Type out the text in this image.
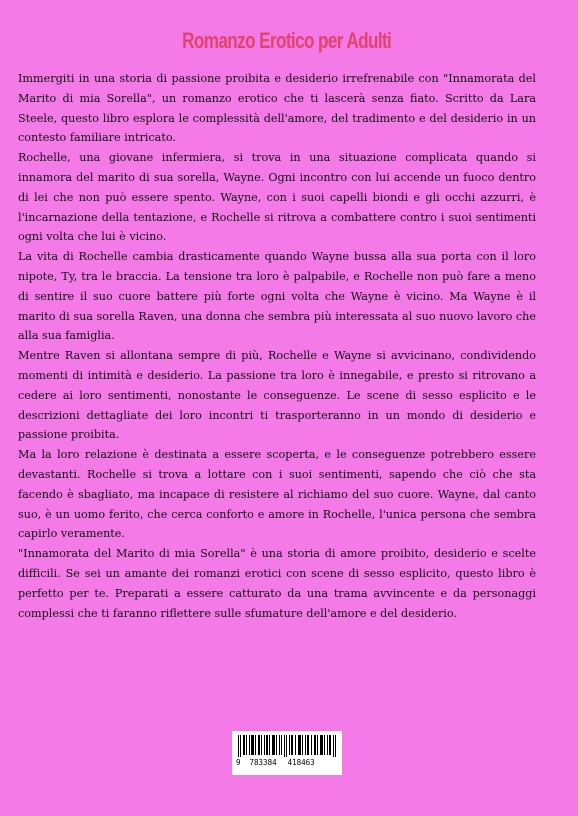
Romanzo Erotico per Adulti

Immergiti in una storia di passione proibita e desiderio irrefrenabile con "Innamorata del Marito di mia Sorella", un romanzo erotico che ti lascerà senza fiato. Scritto da Lara Steele, questo libro esplora le complessità dell'amore, del tradimento e del desiderio in un contesto familiare intricato.

Rochelle, una giovane infermiera, si trova in una situazione complicata quando si innamora del marito di sua sorella, Wayne. Ogni incontro con lui accende un fuoco dentro di lei che non può essere spento. Wayne, con i suoi capelli biondi e gli occhi azzurri, è l'incarnazione della tentazione, e Rochelle si ritrova a combattere contro i suoi sentimenti ogni volta che lui è vicino.

La vita di Rochelle cambia drasticamente quando Wayne bussa alla sua porta con il loro nipote, Ty, tra le braccia. La tensione tra loro è palpabile, e Rochelle non può fare a meno di sentire il suo cuore battere più forte ogni volta che Wayne è vicino. Ma Wayne è il marito di sua sorella Raven, una donna che sembra più interessata al suo nuovo lavoro che alla sua famiglia.

Mentre Raven si allontana sempre di più, Rochelle e Wayne si avvicinano, condividendo momenti di intimità e desiderio. La passione tra loro è innegabile, e presto si ritrovano a cedere ai loro sentimenti, nonostante le conseguenze. Le scene di sesso esplicito e le descrizioni dettagliate dei loro incontri ti trasporteranno in un mondo di desiderio e passione proibita.

Ma la loro relazione è destinata a essere scoperta, e le conseguenze potrebbero essere devastanti. Rochelle si trova a lottare con i suoi sentimenti, sapendo che ciò che sta facendo è sbagliato, ma incapace di resistere al richiamo del suo cuore. Wayne, dal canto suo, è un uomo ferito, che cerca conforto e amore in Rochelle, l'unica persona che sembra capirlo veramente.

"Innamorata del Marito di mia Sorella" è una storia di amore proibito, desiderio e scelte difficili. Se sei un amante dei romanzi erotici con scene di sesso esplicito, questo libro è perfetto per te. Preparati a essere catturato da una trama avvincente e da personaggi complessi che ti faranno riflettere sulle sfumature dell'amore e del desiderio.

9 783384 418463
